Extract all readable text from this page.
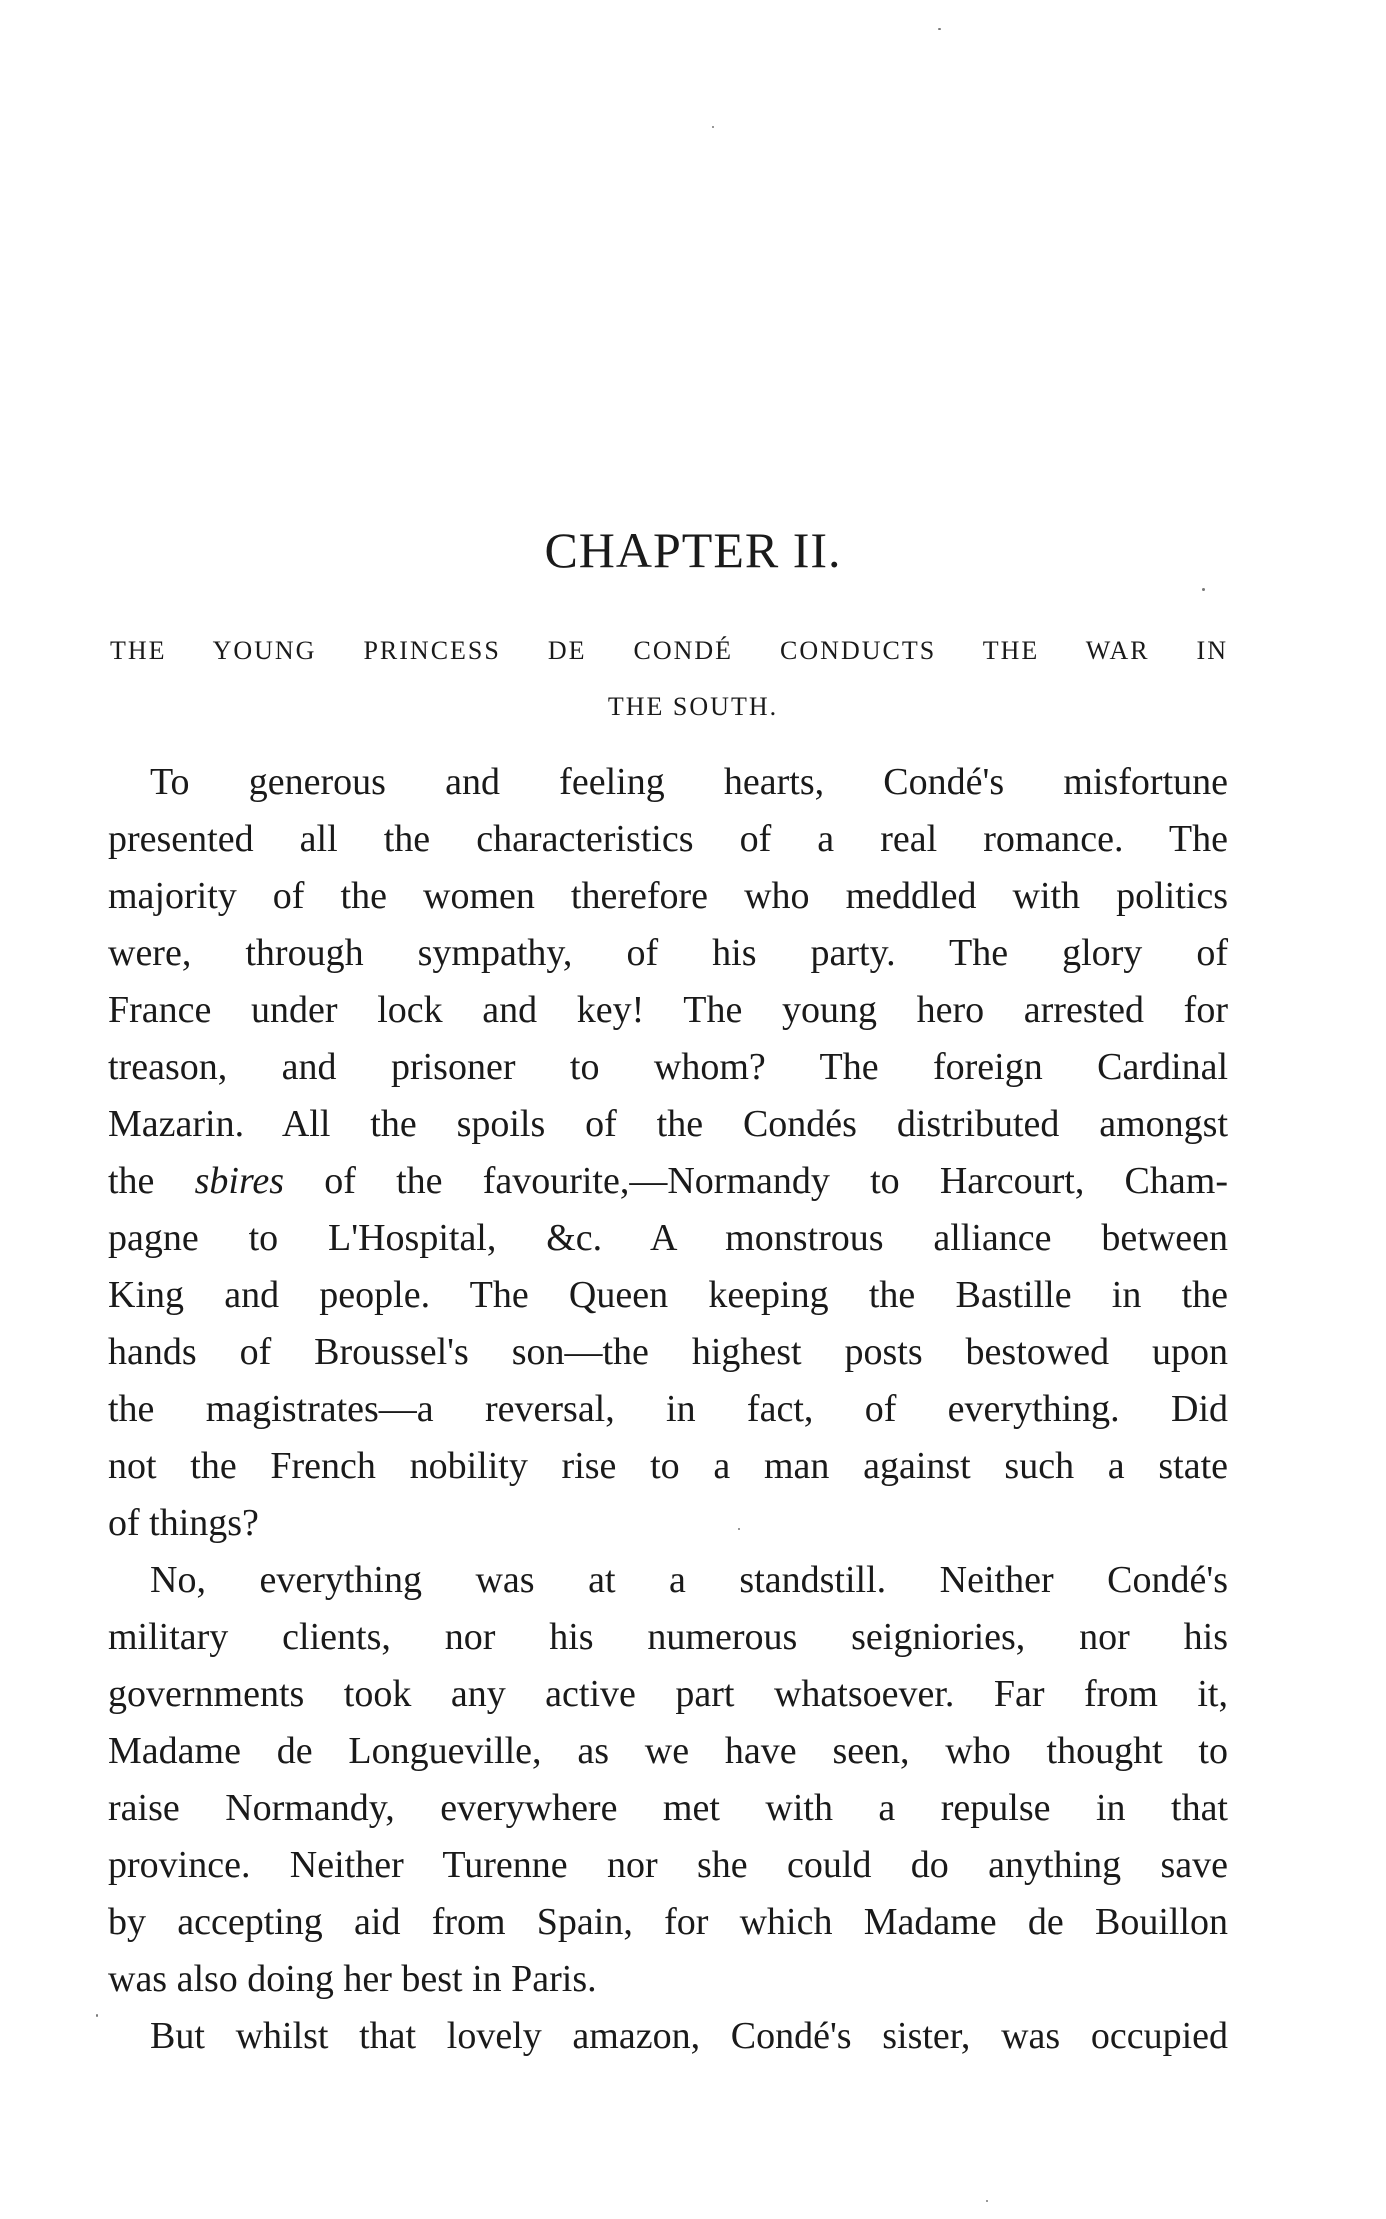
CHAPTER II.
THE YOUNG PRINCESS DE CONDÉ CONDUCTS THE WAR IN
THE SOUTH.
To generous and feeling hearts, Condé's misfortune
presented all the characteristics of a real romance. The
majority of the women therefore who meddled with politics
were, through sympathy, of his party. The glory of
France under lock and key! The young hero arrested for
treason, and prisoner to whom? The foreign Cardinal
Mazarin. All the spoils of the Condés distributed amongst
the sbires of the favourite,—Normandy to Harcourt, Cham-
pagne to L'Hospital, &c. A monstrous alliance between
King and people. The Queen keeping the Bastille in the
hands of Broussel's son—the highest posts bestowed upon
the magistrates—a reversal, in fact, of everything. Did
not the French nobility rise to a man against such a state
of things?
No, everything was at a standstill. Neither Condé's
military clients, nor his numerous seigniories, nor his
governments took any active part whatsoever. Far from it,
Madame de Longueville, as we have seen, who thought to
raise Normandy, everywhere met with a repulse in that
province. Neither Turenne nor she could do anything save
by accepting aid from Spain, for which Madame de Bouillon
was also doing her best in Paris.
But whilst that lovely amazon, Condé's sister, was occupied
